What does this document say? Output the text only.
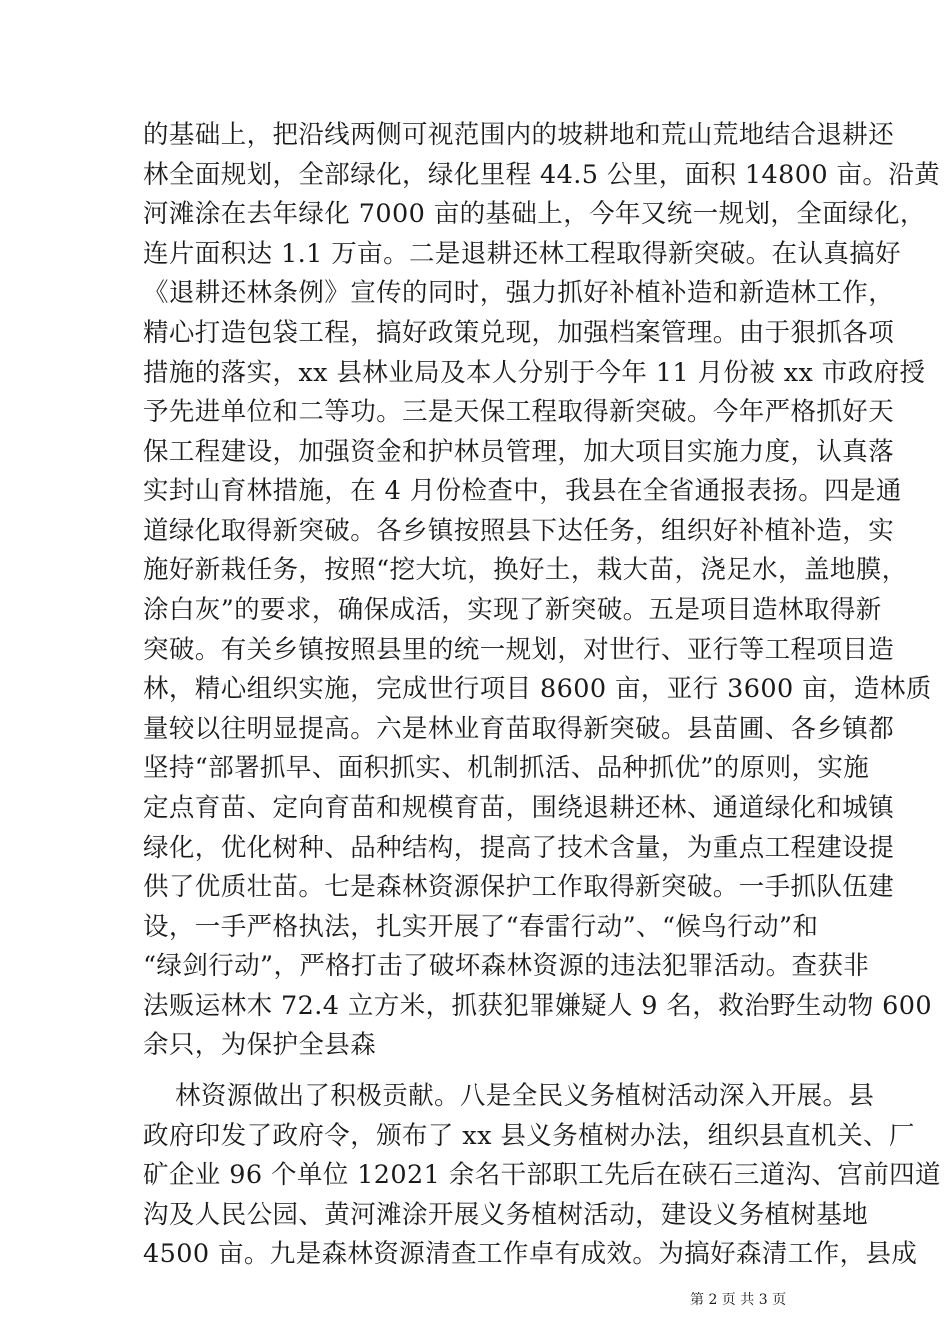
的基础上，把沿线两侧可视范围内的坡耕地和荒山荒地结合退耕还
林全面规划，全部绿化，绿化里程 44.5 公里，面积 14800 亩。沿黄
河滩涂在去年绿化 7000 亩的基础上，今年又统一规划，全面绿化，
连片面积达 1.1 万亩。二是退耕还林工程取得新突破。在认真搞好
《退耕还林条例》宣传的同时，强力抓好补植补造和新造林工作，
精心打造包袋工程，搞好政策兑现，加强档案管理。由于狠抓各项
措施的落实，xx 县林业局及本人分别于今年 11 月份被 xx 市政府授
予先进单位和二等功。三是天保工程取得新突破。今年严格抓好天
保工程建设，加强资金和护林员管理，加大项目实施力度，认真落
实封山育林措施，在 4 月份检查中，我县在全省通报表扬。四是通
道绿化取得新突破。各乡镇按照县下达任务，组织好补植补造，实
施好新栽任务，按照“挖大坑，换好土，栽大苗，浇足水，盖地膜，
涂白灰”的要求，确保成活，实现了新突破。五是项目造林取得新
突破。有关乡镇按照县里的统一规划，对世行、亚行等工程项目造
林，精心组织实施，完成世行项目 8600 亩，亚行 3600 亩，造林质
量较以往明显提高。六是林业育苗取得新突破。县苗圃、各乡镇都
坚持“部署抓早、面积抓实、机制抓活、品种抓优”的原则，实施
定点育苗、定向育苗和规模育苗，围绕退耕还林、通道绿化和城镇
绿化，优化树种、品种结构，提高了技术含量，为重点工程建设提
供了优质壮苗。七是森林资源保护工作取得新突破。一手抓队伍建
设，一手严格执法，扎实开展了“春雷行动”、“候鸟行动”和
“绿剑行动”，严格打击了破坏森林资源的违法犯罪活动。查获非
法贩运林木 72.4 立方米，抓获犯罪嫌疑人 9 名，救治野生动物 600
余只，为保护全县森
林资源做出了积极贡献。八是全民义务植树活动深入开展。县
政府印发了政府令，颁布了 xx 县义务植树办法，组织县直机关、厂
矿企业 96 个单位 12021 余名干部职工先后在硖石三道沟、宫前四道
沟及人民公园、黄河滩涂开展义务植树活动，建设义务植树基地
4500 亩。九是森林资源清查工作卓有成效。为搞好森清工作，县成
第 2 页 共 3 页
